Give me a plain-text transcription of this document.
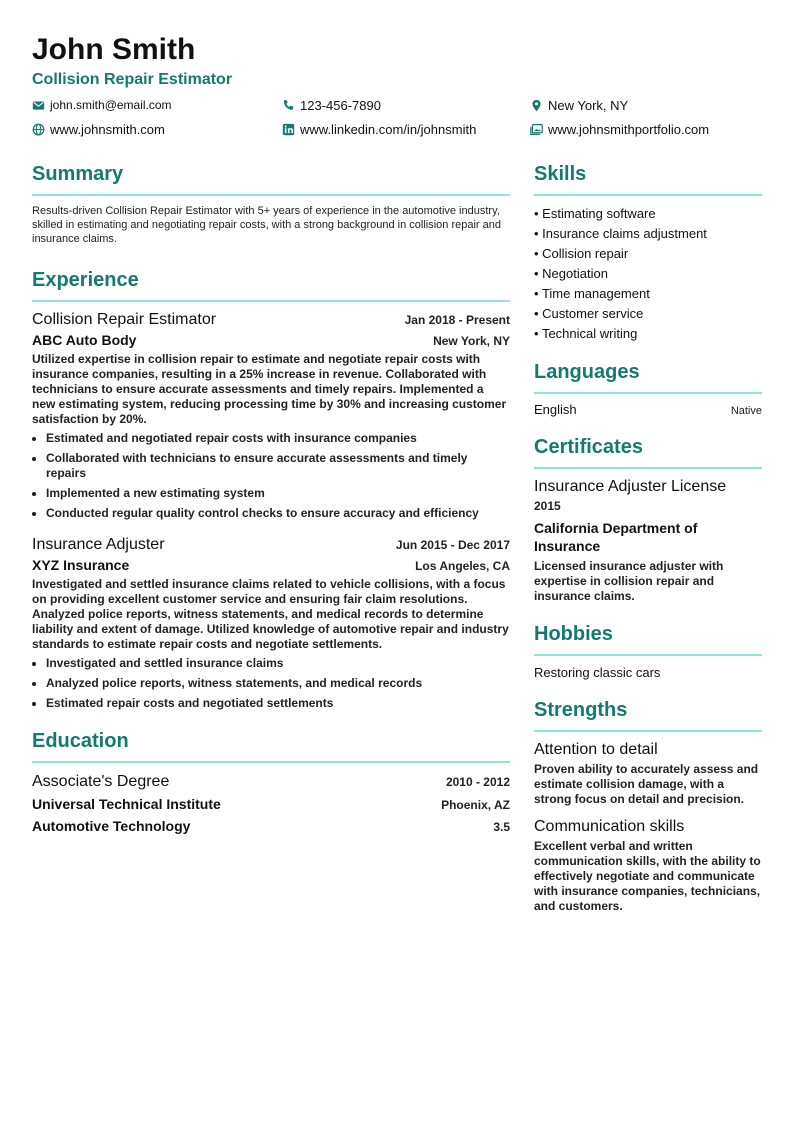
John Smith
Collision Repair Estimator
john.smith@email.com	123-456-7890	New York, NY
www.johnsmith.com	www.linkedin.com/in/johnsmith	www.johnsmithportfolio.com
Summary
Results-driven Collision Repair Estimator with 5+ years of experience in the automotive industry, skilled in estimating and negotiating repair costs, with a strong background in collision repair and insurance claims.
Experience
Collision Repair Estimator	Jan 2018 - Present
ABC Auto Body	New York, NY
Utilized expertise in collision repair to estimate and negotiate repair costs with insurance companies, resulting in a 25% increase in revenue. Collaborated with technicians to ensure accurate assessments and timely repairs. Implemented a new estimating system, reducing processing time by 30% and increasing customer satisfaction by 20%.
• Estimated and negotiated repair costs with insurance companies
• Collaborated with technicians to ensure accurate assessments and timely repairs
• Implemented a new estimating system
• Conducted regular quality control checks to ensure accuracy and efficiency
Insurance Adjuster	Jun 2015 - Dec 2017
XYZ Insurance	Los Angeles, CA
Investigated and settled insurance claims related to vehicle collisions, with a focus on providing excellent customer service and ensuring fair claim resolutions. Analyzed police reports, witness statements, and medical records to determine liability and extent of damage. Utilized knowledge of automotive repair and industry standards to estimate repair costs and negotiate settlements.
• Investigated and settled insurance claims
• Analyzed police reports, witness statements, and medical records
• Estimated repair costs and negotiated settlements
Education
Associate's Degree	2010 - 2012
Universal Technical Institute	Phoenix, AZ
Automotive Technology	3.5
Skills
• Estimating software
• Insurance claims adjustment
• Collision repair
• Negotiation
• Time management
• Customer service
• Technical writing
Languages
English	Native
Certificates
Insurance Adjuster License
2015
California Department of Insurance
Licensed insurance adjuster with expertise in collision repair and insurance claims.
Hobbies
Restoring classic cars
Strengths
Attention to detail
Proven ability to accurately assess and estimate collision damage, with a strong focus on detail and precision.
Communication skills
Excellent verbal and written communication skills, with the ability to effectively negotiate and communicate with insurance companies, technicians, and customers.
